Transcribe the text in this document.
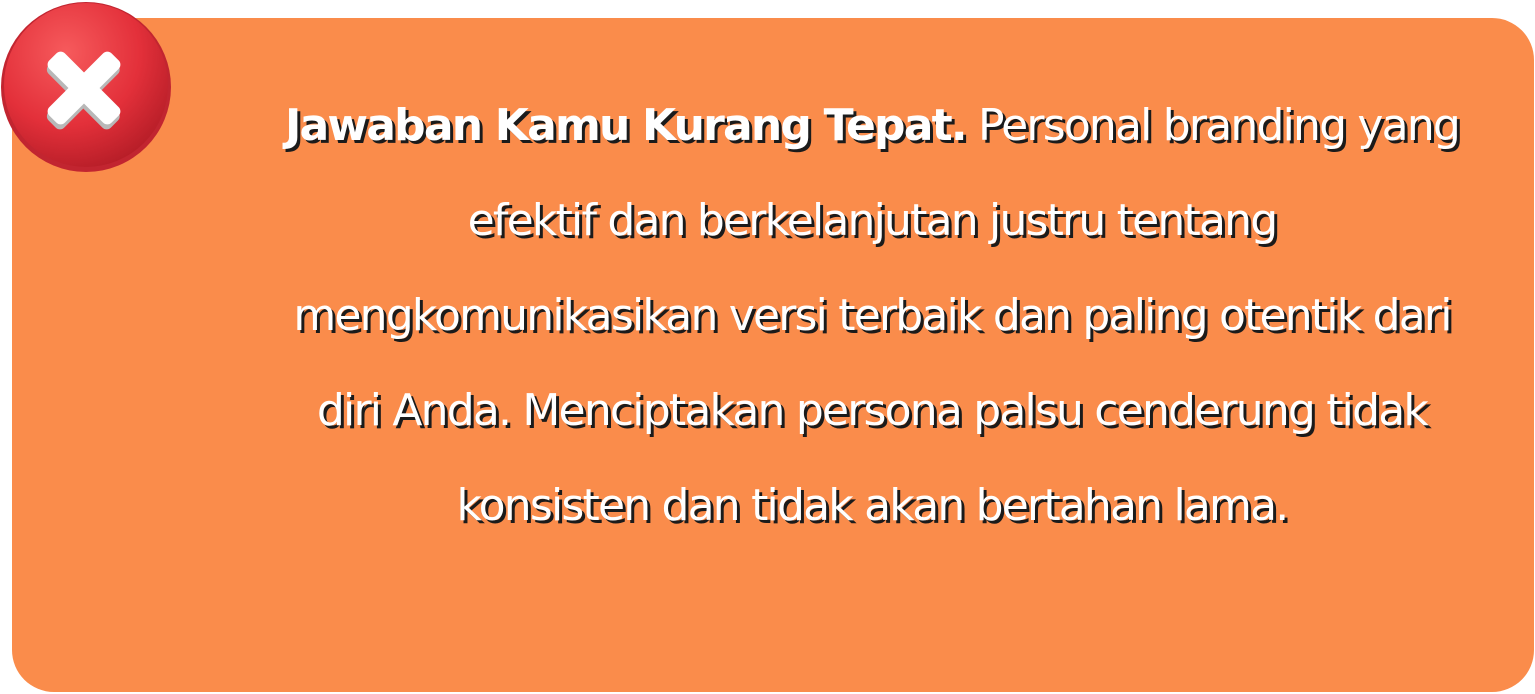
Jawaban Kamu Kurang Tepat. Personal branding yang efektif dan berkelanjutan justru tentang mengkomunikasikan versi terbaik dan paling otentik dari diri Anda. Menciptakan persona palsu cenderung tidak konsisten dan tidak akan bertahan lama.
